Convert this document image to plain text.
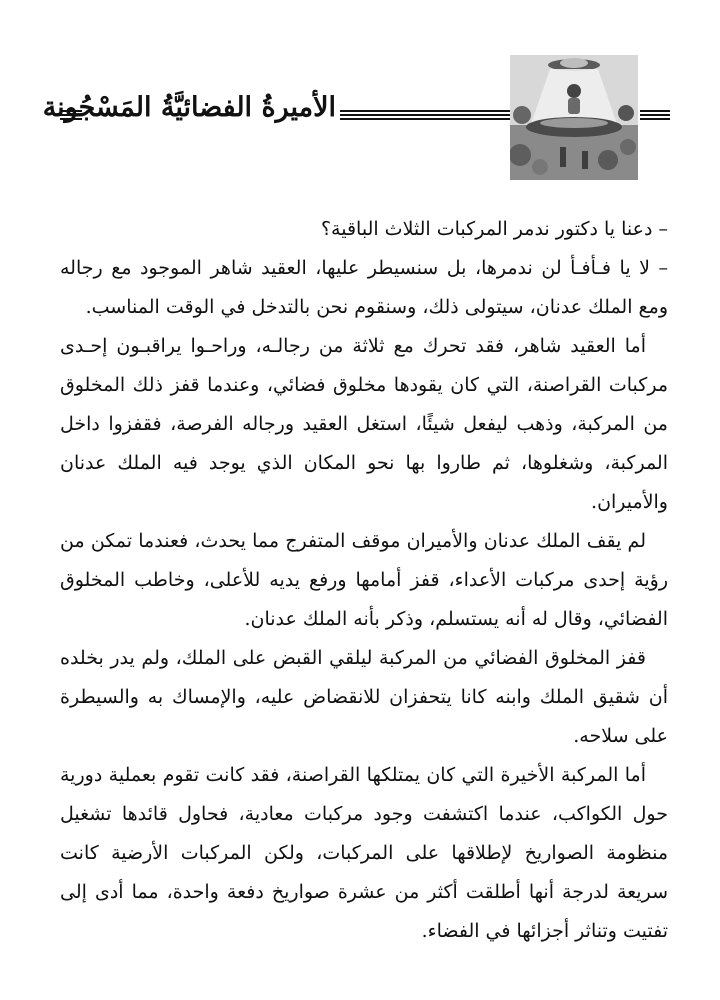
الأميرةُ الفضائيَّةُ المَسْجُونة

– دعنا يا دكتور ندمر المركبات الثلاث الباقية؟

– لا يا فـأفـأ لن ندمرها، بل سنسيطر عليها، العقيد شاهر الموجود مع رجاله ومع الملك عدنان، سيتولى ذلك، وسنقوم نحن بالتدخل في الوقت المناسب.

أما العقيد شاهر، فقد تحرك مع ثلاثة من رجالـه، وراحـوا يراقبـون إحـدى مركبات القراصنة، التي كان يقودها مخلوق فضائي، وعندما قفز ذلك المخلوق من المركبة، وذهب ليفعل شيئًا، استغل العقيد ورجاله الفرصة، فقفزوا داخل المركبة، وشغلوها، ثم طاروا بها نحو المكان الذي يوجد فيه الملك عدنان والأميران.

لم يقف الملك عدنان والأميران موقف المتفرج مما يحدث، فعندما تمكن من رؤية إحدى مركبات الأعداء، قفز أمامها ورفع يديه للأعلى، وخاطب المخلوق الفضائي، وقال له أنه يستسلم، وذكر بأنه الملك عدنان.

قفز المخلوق الفضائي من المركبة ليلقي القبض على الملك، ولم يدر بخلده أن شقيق الملك وابنه كانا يتحفزان للانقضاض عليه، والإمساك به والسيطرة على سلاحه.

أما المركبة الأخيرة التي كان يمتلكها القراصنة، فقد كانت تقوم بعملية دورية حول الكواكب، عندما اكتشفت وجود مركبات معادية، فحاول قائدها تشغيل منظومة الصواريخ لإطلاقها على المركبات، ولكن المركبات الأرضية كانت سريعة لدرجة أنها أطلقت أكثر من عشرة صواريخ دفعة واحدة، مما أدى إلى تفتيت وتناثر أجزائها في الفضاء.
